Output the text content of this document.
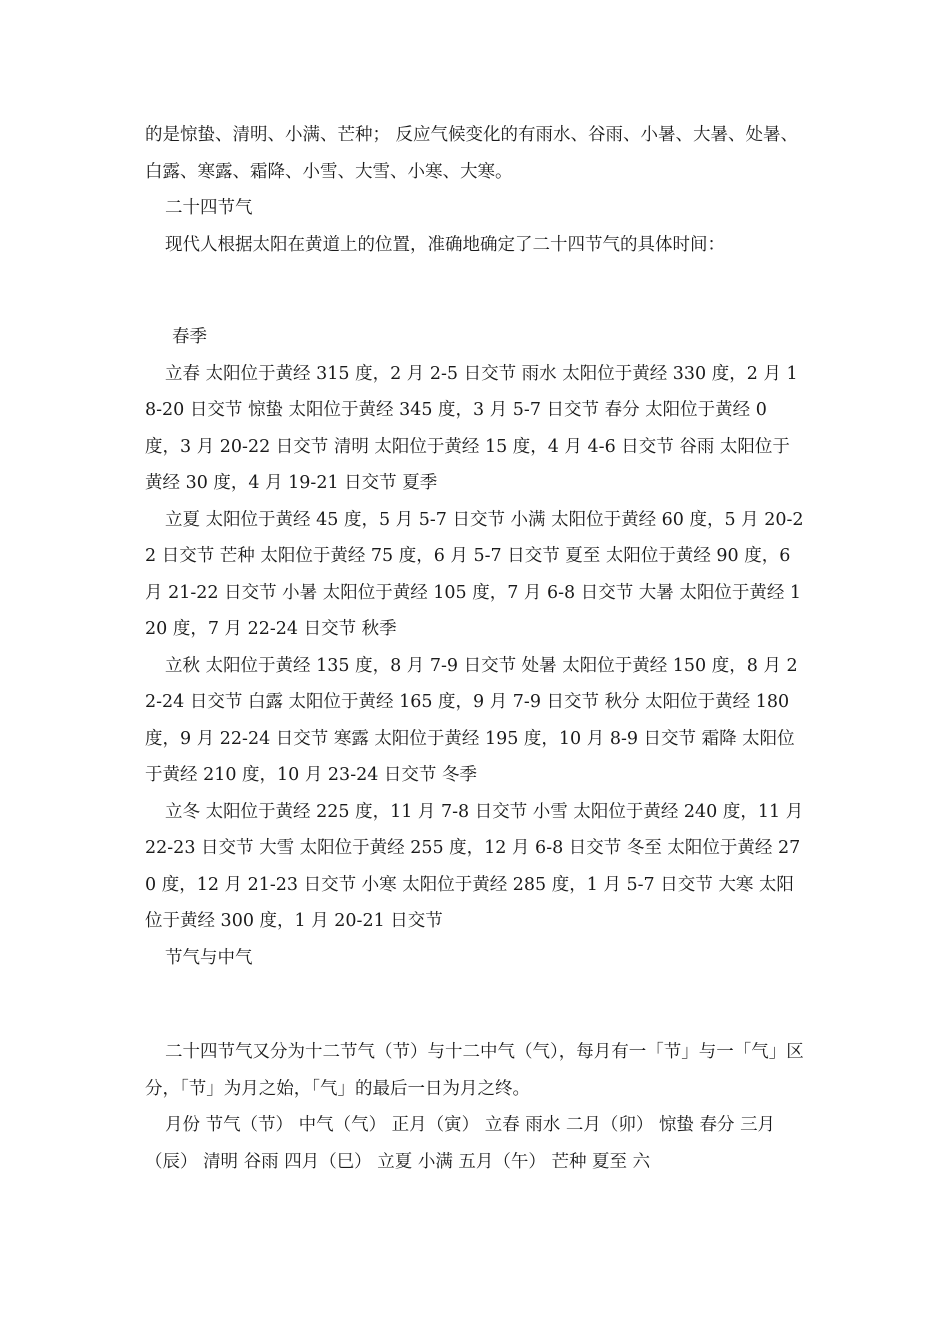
的是惊蛰、清明、小满、芒种； 反应气候变化的有雨水、谷雨、小暑、大暑、处暑、白露、寒露、霜降、小雪、大雪、小寒、大寒。

二十四节气

现代人根据太阳在黄道上的位置，准确地确定了二十四节气的具体时间：

春季

立春 太阳位于黄经 315 度，2 月 2-5 日交节 雨水 太阳位于黄经 330 度，2 月 18-20 日交节 惊蛰 太阳位于黄经 345 度，3 月 5-7 日交节 春分 太阳位于黄经 0 度，3 月 20-22 日交节 清明 太阳位于黄经 15 度，4 月 4-6 日交节 谷雨 太阳位于黄经 30 度，4 月 19-21 日交节 夏季

立夏 太阳位于黄经 45 度，5 月 5-7 日交节 小满 太阳位于黄经 60 度，5 月 20-22 日交节 芒种 太阳位于黄经 75 度，6 月 5-7 日交节 夏至 太阳位于黄经 90 度，6 月 21-22 日交节 小暑 太阳位于黄经 105 度，7 月 6-8 日交节 大暑 太阳位于黄经 120 度，7 月 22-24 日交节 秋季

立秋 太阳位于黄经 135 度，8 月 7-9 日交节 处暑 太阳位于黄经 150 度，8 月 22-24 日交节 白露 太阳位于黄经 165 度，9 月 7-9 日交节 秋分 太阳位于黄经 180 度，9 月 22-24 日交节 寒露 太阳位于黄经 195 度，10 月 8-9 日交节 霜降 太阳位于黄经 210 度，10 月 23-24 日交节 冬季

立冬 太阳位于黄经 225 度，11 月 7-8 日交节 小雪 太阳位于黄经 240 度，11 月 22-23 日交节 大雪 太阳位于黄经 255 度，12 月 6-8 日交节 冬至 太阳位于黄经 270 度，12 月 21-23 日交节 小寒 太阳位于黄经 285 度，1 月 5-7 日交节 大寒 太阳位于黄经 300 度，1 月 20-21 日交节

节气与中气

二十四节气又分为十二节气（节）与十二中气（气），每月有一「节」与一「气」区分，「节」为月之始，「气」的最后一日为月之终。

月份 节气（节） 中气（气） 正月（寅） 立春 雨水 二月（卯） 惊蛰 春分 三月（辰） 清明 谷雨 四月（巳） 立夏 小满 五月（午） 芒种 夏至 六
